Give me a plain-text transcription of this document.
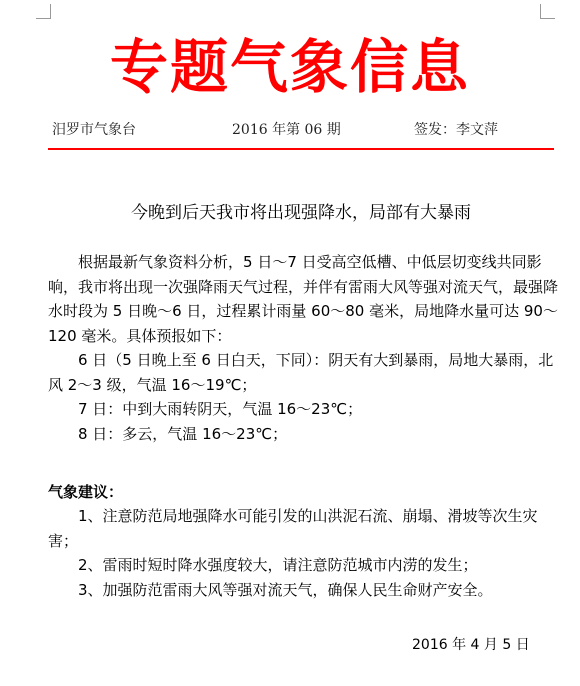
专题气象信息
汨罗市气象台	2016 年第 06 期	签发：李文萍
今晚到后天我市将出现强降水，局部有大暴雨

根据最新气象资料分析，5 日～7 日受高空低槽、中低层切变线共同影响，我市将出现一次强降雨天气过程，并伴有雷雨大风等强对流天气，最强降水时段为 5 日晚～6 日，过程累计雨量 60～80 毫米，局地降水量可达 90～120 毫米。具体预报如下：

6 日（5 日晚上至 6 日白天，下同）：阴天有大到暴雨，局地大暴雨，北风 2～3 级，气温 16～19℃；

7 日：中到大雨转阴天，气温 16～23℃；

8 日：多云，气温 16～23℃；

气象建议：

1、注意防范局地强降水可能引发的山洪泥石流、崩塌、滑坡等次生灾害；

2、雷雨时短时降水强度较大，请注意防范城市内涝的发生；

3、加强防范雷雨大风等强对流天气，确保人民生命财产安全。

2016 年 4 月 5 日
